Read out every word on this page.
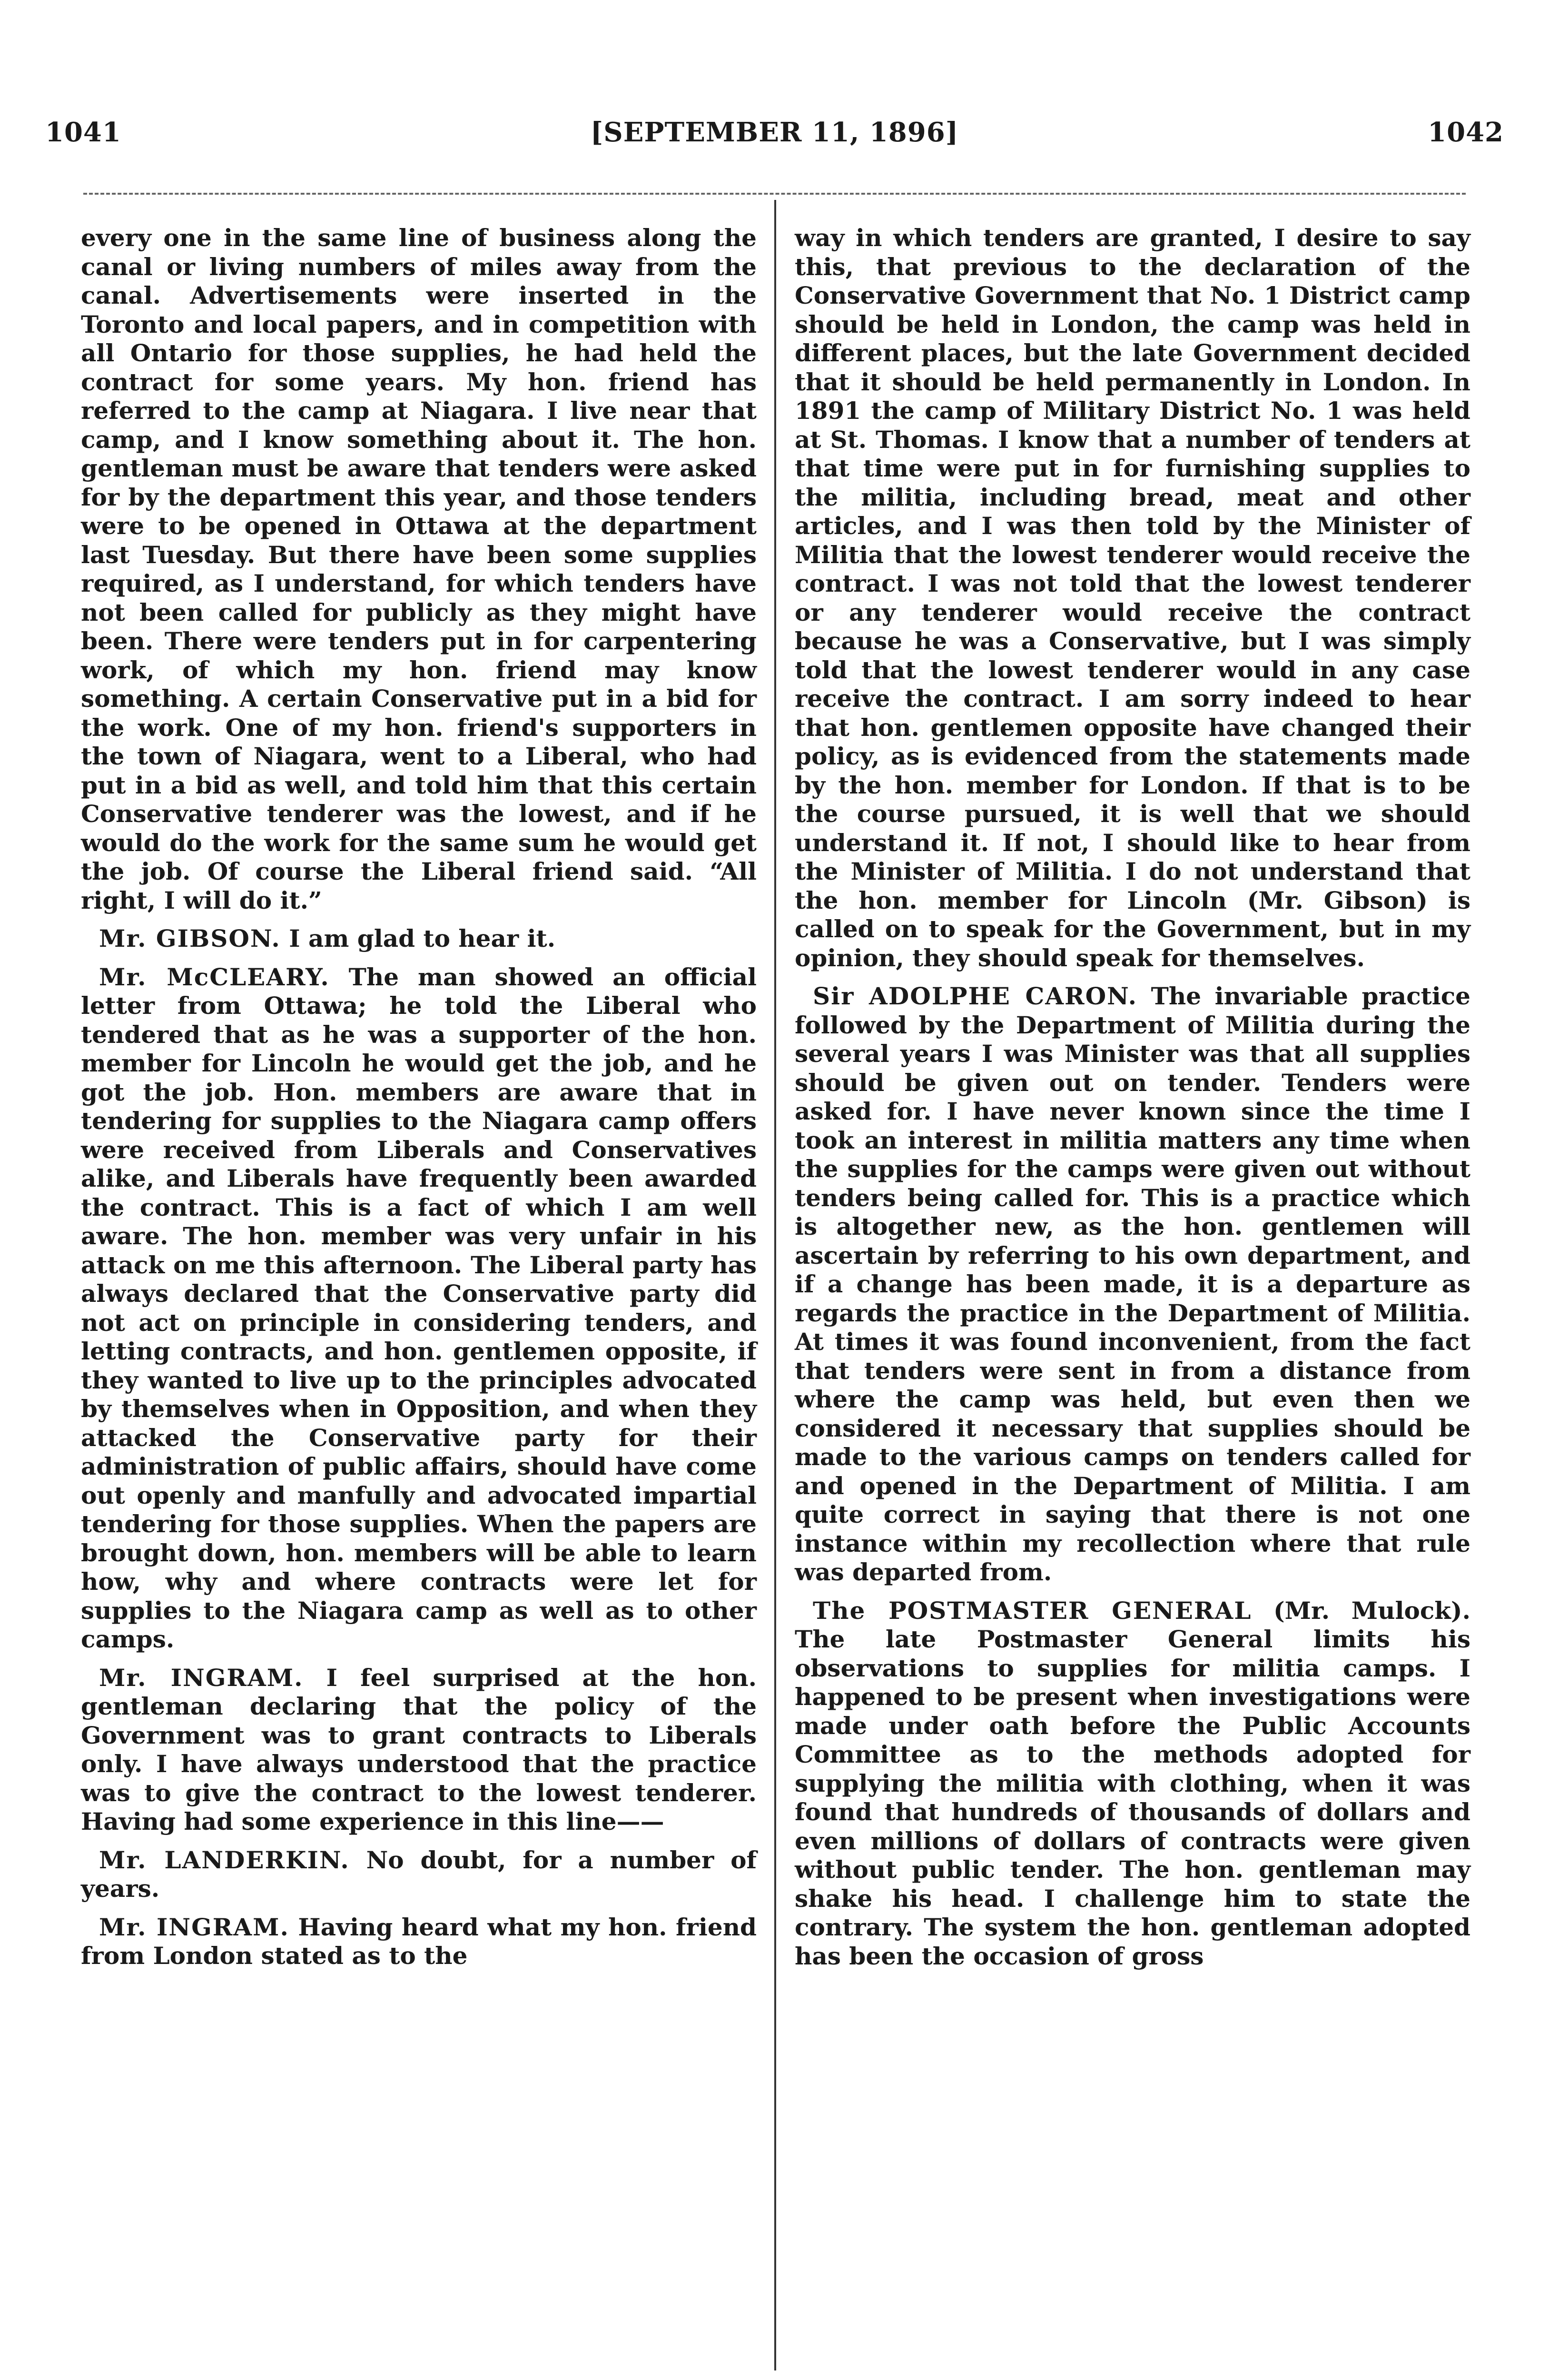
1041	[SEPTEMBER 11, 1896]	1042

every one in the same line of business along the canal or living numbers of miles away from the canal. Advertisements were inserted in the Toronto and local papers, and in competition with all Ontario for those supplies, he had held the contract for some years. My hon. friend has referred to the camp at Niagara. I live near that camp, and I know something about it. The hon. gentleman must be aware that tenders were asked for by the department this year, and those tenders were to be opened in Ottawa at the department last Tuesday. But there have been some supplies required, as I understand, for which tenders have not been called for publicly as they might have been. There were tenders put in for carpentering work, of which my hon. friend may know something. A certain Conservative put in a bid for the work. One of my hon. friend's supporters in the town of Niagara, went to a Liberal, who had put in a bid as well, and told him that this certain Conservative tenderer was the lowest, and if he would do the work for the same sum he would get the job. Of course the Liberal friend said. “All right, I will do it.”

Mr. GIBSON. I am glad to hear it.

Mr. McCLEARY. The man showed an official letter from Ottawa; he told the Liberal who tendered that as he was a supporter of the hon. member for Lincoln he would get the job, and he got the job. Hon. members are aware that in tendering for supplies to the Niagara camp offers were received from Liberals and Conservatives alike, and Liberals have frequently been awarded the contract. This is a fact of which I am well aware. The hon. member was very unfair in his attack on me this afternoon. The Liberal party has always declared that the Conservative party did not act on principle in considering tenders, and letting contracts, and hon. gentlemen opposite, if they wanted to live up to the principles advocated by themselves when in Opposition, and when they attacked the Conservative party for their administration of public affairs, should have come out openly and manfully and advocated impartial tendering for those supplies. When the papers are brought down, hon. members will be able to learn how, why and where contracts were let for supplies to the Niagara camp as well as to other camps.

Mr. INGRAM. I feel surprised at the hon. gentleman declaring that the policy of the Government was to grant contracts to Liberals only. I have always understood that the practice was to give the contract to the lowest tenderer. Having had some experience in this line——

Mr. LANDERKIN. No doubt, for a number of years.

Mr. INGRAM. Having heard what my hon. friend from London stated as to the

way in which tenders are granted, I desire to say this, that previous to the declaration of the Conservative Government that No. 1 District camp should be held in London, the camp was held in different places, but the late Government decided that it should be held permanently in London. In 1891 the camp of Military District No. 1 was held at St. Thomas. I know that a number of tenders at that time were put in for furnishing supplies to the militia, including bread, meat and other articles, and I was then told by the Minister of Militia that the lowest tenderer would receive the contract. I was not told that the lowest tenderer or any tenderer would receive the contract because he was a Conservative, but I was simply told that the lowest tenderer would in any case receive the contract. I am sorry indeed to hear that hon. gentlemen opposite have changed their policy, as is evidenced from the statements made by the hon. member for London. If that is to be the course pursued, it is well that we should understand it. If not, I should like to hear from the Minister of Militia. I do not understand that the hon. member for Lincoln (Mr. Gibson) is called on to speak for the Government, but in my opinion, they should speak for themselves.

Sir ADOLPHE CARON. The invariable practice followed by the Department of Militia during the several years I was Minister was that all supplies should be given out on tender. Tenders were asked for. I have never known since the time I took an interest in militia matters any time when the supplies for the camps were given out without tenders being called for. This is a practice which is altogether new, as the hon. gentlemen will ascertain by referring to his own department, and if a change has been made, it is a departure as regards the practice in the Department of Militia. At times it was found inconvenient, from the fact that tenders were sent in from a distance from where the camp was held, but even then we considered it necessary that supplies should be made to the various camps on tenders called for and opened in the Department of Militia. I am quite correct in saying that there is not one instance within my recollection where that rule was departed from.

The POSTMASTER GENERAL (Mr. Mulock). The late Postmaster General limits his observations to supplies for militia camps. I happened to be present when investigations were made under oath before the Public Accounts Committee as to the methods adopted for supplying the militia with clothing, when it was found that hundreds of thousands of dollars and even millions of dollars of contracts were given without public tender. The hon. gentleman may shake his head. I challenge him to state the contrary. The system the hon. gentleman adopted has been the occasion of gross
